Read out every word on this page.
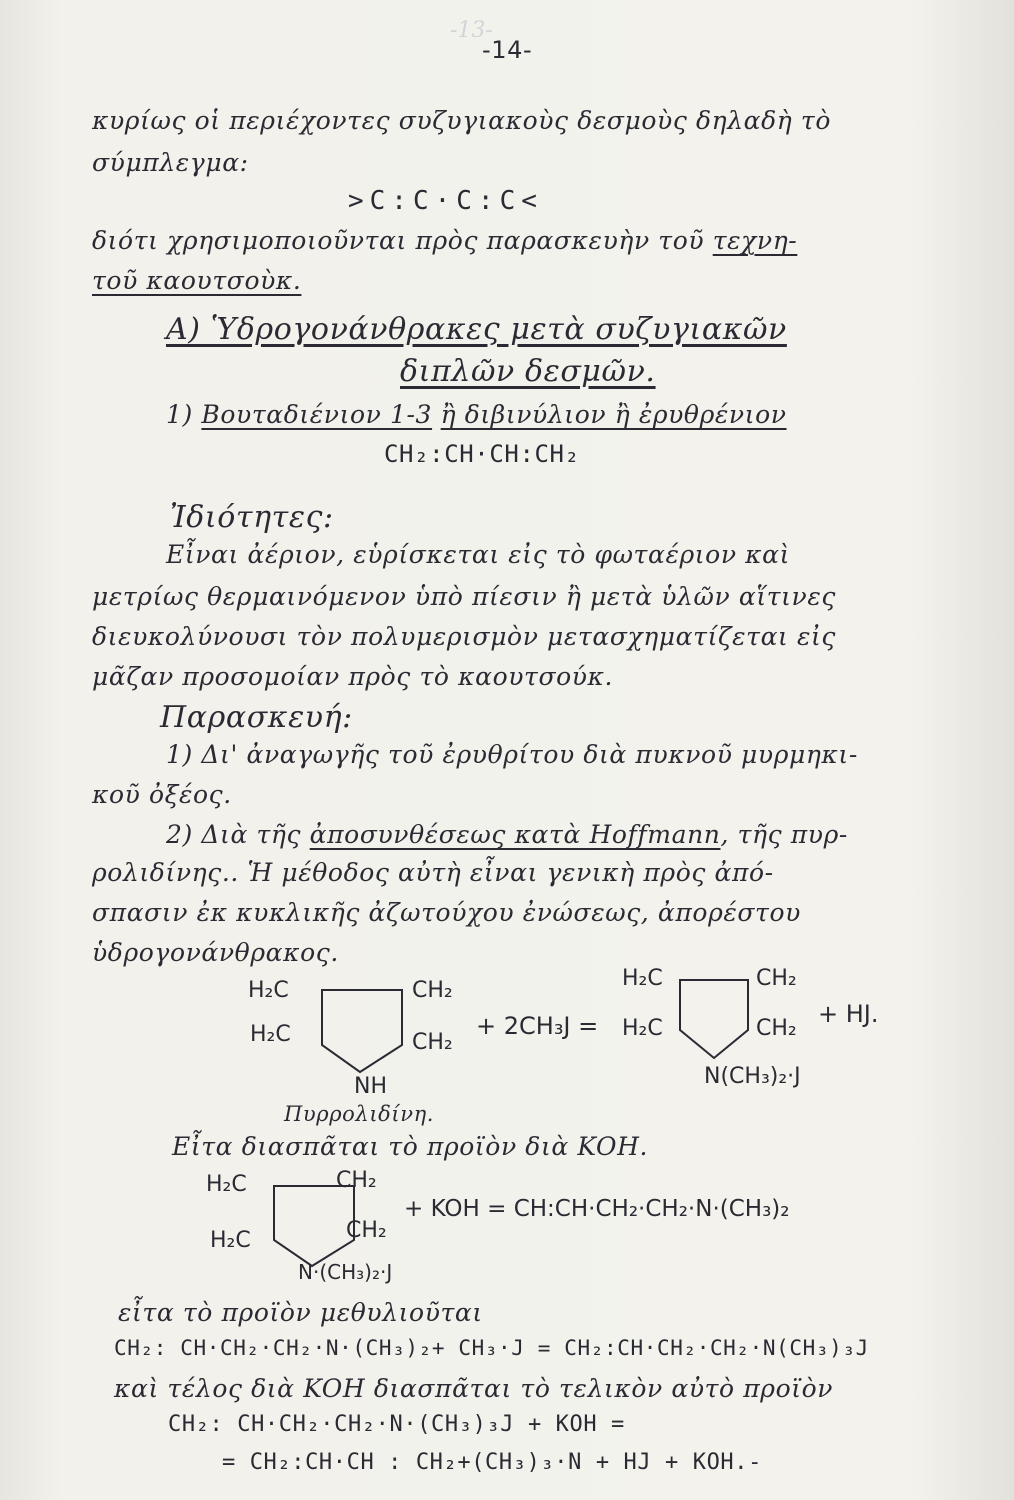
-13-
-14-
κυρίως οἱ περιέχοντες συζυγιακοὺς δεσμοὺς δηλαδὴ τὸ
σύμπλεγμα:
>C:C·C:C<
διότι χρησιμοποιοῦνται πρὸς παρασκευὴν τοῦ τεχνη-
τοῦ καουτσοὺκ.
Α) Ὑδρογονάνθρακες μετὰ συζυγιακῶν
διπλῶν δεσμῶν.
1) Βουταδιένιον 1-3 ἢ διβινύλιον ἢ ἐρυθρένιον
CH₂:CH·CH:CH₂
Ἰδιότητες:
Εἶναι ἀέριον, εὑρίσκεται εἰς τὸ φωταέριον καὶ
μετρίως θερμαινόμενον ὑπὸ πίεσιν ἢ μετὰ ὑλῶν αἵτινες
διευκολύνουσι τὸν πολυμερισμὸν μετασχηματίζεται εἰς
μᾶζαν προσομοίαν πρὸς τὸ καουτσούκ.
Παρασκευή:
1) Δι' ἀναγωγῆς τοῦ ἐρυθρίτου διὰ πυκνοῦ μυρμηκι-
κοῦ ὀξέος.
2) Διὰ τῆς ἀποσυνθέσεως κατὰ Hoffmann, τῆς πυρ-
ρολιδίνης.. Ἡ μέθοδος αὐτὴ εἶναι γενικὴ πρὸς ἀπό-
σπασιν ἐκ κυκλικῆς ἀζωτούχου ἐνώσεως, ἀπορέστου
ὑδρογονάνθρακος.
H₂C	CH₂
H₂C	CH₂
NH
+ 2CH₃J =
H₂C	CH₂
H₂C	CH₂
N(CH₃)₂·J
+ HJ.
Πυρρολιδίνη.
Εἶτα διασπᾶται τὸ προϊὸν διὰ KOH.
H₂C	CH₂
H₂C	CH₂
N·(CH₃)₂·J
+ KOH = CH:CH·CH₂·CH₂·N·(CH₃)₂
εἶτα τὸ προϊὸν μεθυλιοῦται
CH₂: CH·CH₂·CH₂·N·(CH₃)₂+ CH₃·J = CH₂:CH·CH₂·CH₂·N(CH₃)₃J
καὶ τέλος διὰ KOH διασπᾶται τὸ τελικὸν αὐτὸ προϊὸν
CH₂: CH·CH₂·CH₂·N·(CH₃)₃J + KOH =
= CH₂:CH·CH : CH₂+(CH₃)₃·N + HJ + KOH.-
